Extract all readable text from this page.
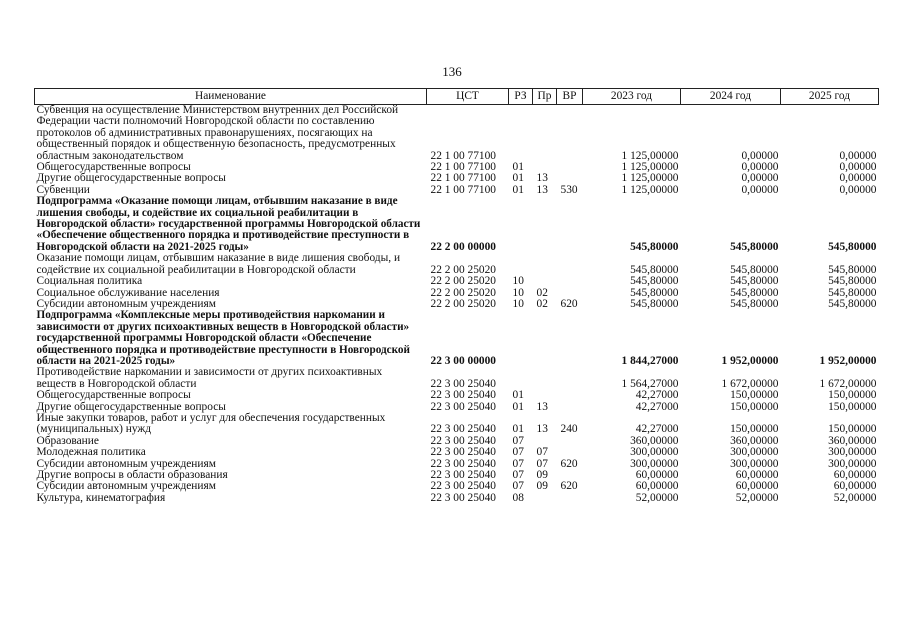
136
Наименование	ЦСТ	РЗ	Пр	ВР	2023 год	2024 год	2025 год
Субвенция на осуществление Министерством внутренних дел Российской Федерации части полномочий Новгородской области по составлению протоколов об административных правонарушениях, посягающих на общественный порядок и общественную безопасность, предусмотренных областным законодательством	22 1 00 77100				1 125,00000	0,00000	0,00000
Общегосударственные вопросы	22 1 00 77100	01			1 125,00000	0,00000	0,00000
Другие общегосударственные вопросы	22 1 00 77100	01	13		1 125,00000	0,00000	0,00000
Субвенции	22 1 00 77100	01	13	530	1 125,00000	0,00000	0,00000
Подпрограмма «Оказание помощи лицам, отбывшим наказание в виде лишения свободы, и содействие их социальной реабилитации в Новгородской области» государственной программы Новгородской области «Обеспечение общественного порядка и противодействие преступности в Новгородской области на 2021-2025 годы»	22 2 00 00000				545,80000	545,80000	545,80000
Оказание помощи лицам, отбывшим наказание в виде лишения свободы, и содействие их социальной реабилитации в Новгородской области	22 2 00 25020				545,80000	545,80000	545,80000
Социальная политика	22 2 00 25020	10			545,80000	545,80000	545,80000
Социальное обслуживание населения	22 2 00 25020	10	02		545,80000	545,80000	545,80000
Субсидии автономным учреждениям	22 2 00 25020	10	02	620	545,80000	545,80000	545,80000
Подпрограмма «Комплексные меры противодействия наркомании и зависимости от других психоактивных веществ в Новгородской области» государственной программы Новгородской области «Обеспечение общественного порядка и противодействие преступности в Новгородской области на 2021-2025 годы»	22 3 00 00000				1 844,27000	1 952,00000	1 952,00000
Противодействие наркомании и зависимости от других психоактивных веществ в Новгородской области	22 3 00 25040				1 564,27000	1 672,00000	1 672,00000
Общегосударственные вопросы	22 3 00 25040	01			42,27000	150,00000	150,00000
Другие общегосударственные вопросы	22 3 00 25040	01	13		42,27000	150,00000	150,00000
Иные закупки товаров, работ и услуг для обеспечения государственных (муниципальных) нужд	22 3 00 25040	01	13	240	42,27000	150,00000	150,00000
Образование	22 3 00 25040	07			360,00000	360,00000	360,00000
Молодежная политика	22 3 00 25040	07	07		300,00000	300,00000	300,00000
Субсидии автономным учреждениям	22 3 00 25040	07	07	620	300,00000	300,00000	300,00000
Другие вопросы в области образования	22 3 00 25040	07	09		60,00000	60,00000	60,00000
Субсидии автономным учреждениям	22 3 00 25040	07	09	620	60,00000	60,00000	60,00000
Культура, кинематография	22 3 00 25040	08			52,00000	52,00000	52,00000
